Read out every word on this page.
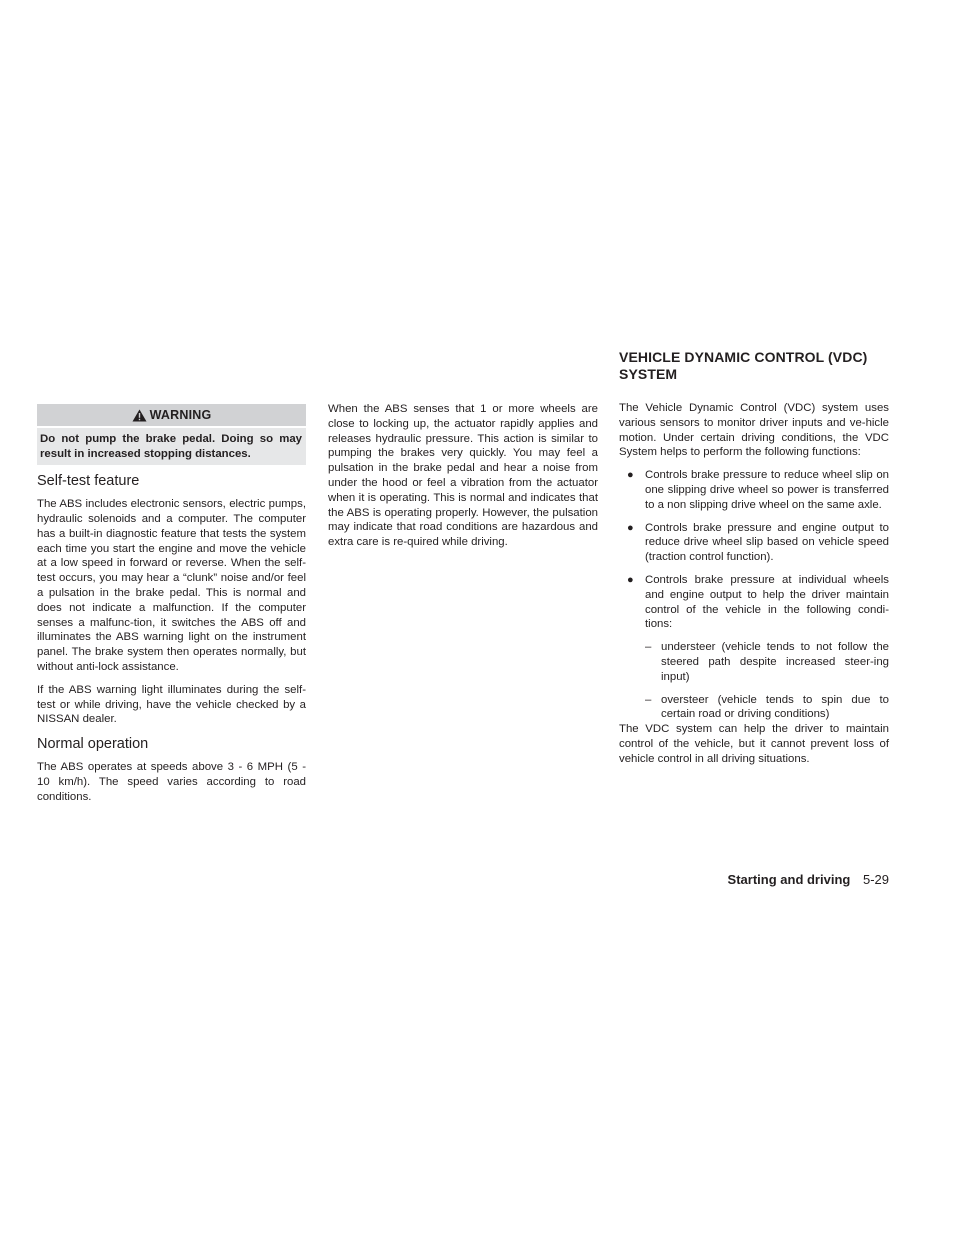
WARNING
Do not pump the brake pedal. Doing so may result in increased stopping distances.
Self-test feature

The ABS includes electronic sensors, electric pumps, hydraulic solenoids and a computer. The computer has a built-in diagnostic feature that tests the system each time you start the engine and move the vehicle at a low speed in forward or reverse. When the self-test occurs, you may hear a “clunk” noise and/or feel a pulsation in the brake pedal. This is normal and does not indicate a malfunction. If the computer senses a malfunc-tion, it switches the ABS off and illuminates the ABS warning light on the instrument panel. The brake system then operates normally, but without anti-lock assistance.

If the ABS warning light illuminates during the self-test or while driving, have the vehicle checked by a NISSAN dealer.

Normal operation

The ABS operates at speeds above 3 - 6 MPH (5 - 10 km/h). The speed varies according to road conditions.

When the ABS senses that 1 or more wheels are close to locking up, the actuator rapidly applies and releases hydraulic pressure. This action is similar to pumping the brakes very quickly. You may feel a pulsation in the brake pedal and hear a noise from under the hood or feel a vibration from the actuator when it is operating. This is normal and indicates that the ABS is operating properly. However, the pulsation may indicate that road conditions are hazardous and extra care is re-quired while driving.

VEHICLE DYNAMIC CONTROL (VDC) SYSTEM

The Vehicle Dynamic Control (VDC) system uses various sensors to monitor driver inputs and ve-hicle motion. Under certain driving conditions, the VDC System helps to perform the following functions:

● Controls brake pressure to reduce wheel slip on one slipping drive wheel so power is transferred to a non slipping drive wheel on the same axle.
● Controls brake pressure and engine output to reduce drive wheel slip based on vehicle speed (traction control function).
● Controls brake pressure at individual wheels and engine output to help the driver maintain control of the vehicle in the following condi-tions:
– understeer (vehicle tends to not follow the steered path despite increased steer-ing input)
– oversteer (vehicle tends to spin due to certain road or driving conditions)

The VDC system can help the driver to maintain control of the vehicle, but it cannot prevent loss of vehicle control in all driving situations.

Starting and driving 5-29
